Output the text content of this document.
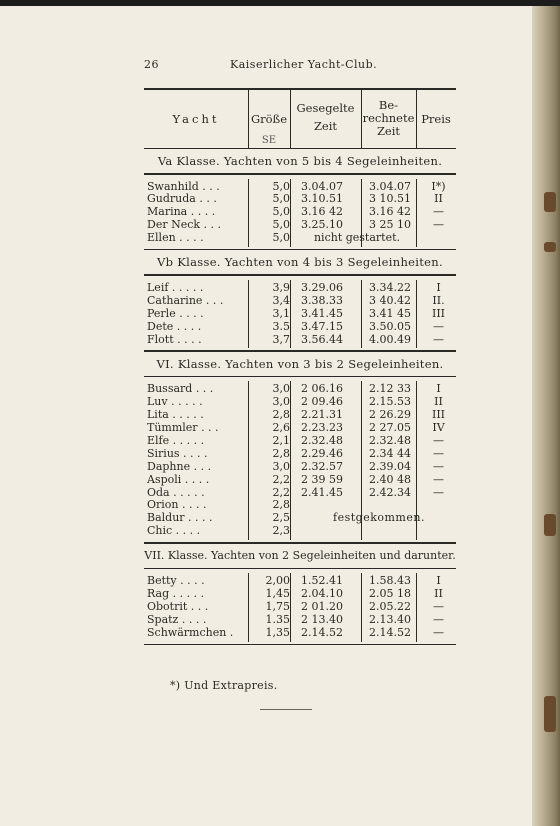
26	Kaiserlicher Yacht-Club.
Yacht	Größe
SE
Gesegelte
Zeit
Be-
rechnete
Zeit
Preis
Va Klasse. Yachten von 5 bis 4 Segeleinheiten.
Swanhild . . .	5,0 3.04.07 3.04.07	I*)
Gudruda . . .	5,0 3.10.51 3 10.51	II
Marina . . . .	5,0 3.16 42 3.16 42	—
Der Neck . . .	5,0 3.25.10 3 25 10	—
Ellen . . . .	5,0	nicht gestartet.
Vb Klasse. Yachten von 4 bis 3 Segeleinheiten.
Leif . . . . .	3,9 3.29.06 3.34.22	I
Catharine . . .	3,4 3.38.33 3 40.42	II.
Perle . . . .	3,1 3.41.45 3.41 45	III
Dete . . . .	3.5 3.47.15 3.50.05	—
Flott . . . .	3,7 3.56.44 4.00.49	—
VI. Klasse. Yachten von 3 bis 2 Segeleinheiten.
Bussard . . .	3,0 2 06.16 2.12 33	I
Luv . . . . .	3,0 2 09.46 2.15.53	II
Lita . . . . .	2,8 2.21.31 2 26.29	III
Tümmler . . .	2,6 2.23.23 2 27.05	IV
Elfe . . . . .	2,1 2.32.48 2.32.48	—
Sirius . . . .	2,8 2.29.46 2.34 44	—
Daphne . . .	3,0 2.32.57 2.39.04	—
Aspoli . . . .	2,2 2 39 59 2.40 48	—
Oda . . . . .	2,2 2.41.45 2.42.34	—
Orion . . . .	2,8
Baldur . . . .	2,5	festgekommen.
Chic . . . .	2,3
VII. Klasse. Yachten von 2 Segeleinheiten und darunter.
Betty . . . .	2,00 1.52.41 1.58.43	I
Rag . . . . .	1,45 2.04.10 2.05 18	II
Obotrit . . .	1,75 2 01.20 2.05.22	—
Spatz . . . .	1.35 2 13.40 2.13.40	—
Schwärmchen .	1,35 2.14.52 2.14.52	—
*) Und Extrapreis.
